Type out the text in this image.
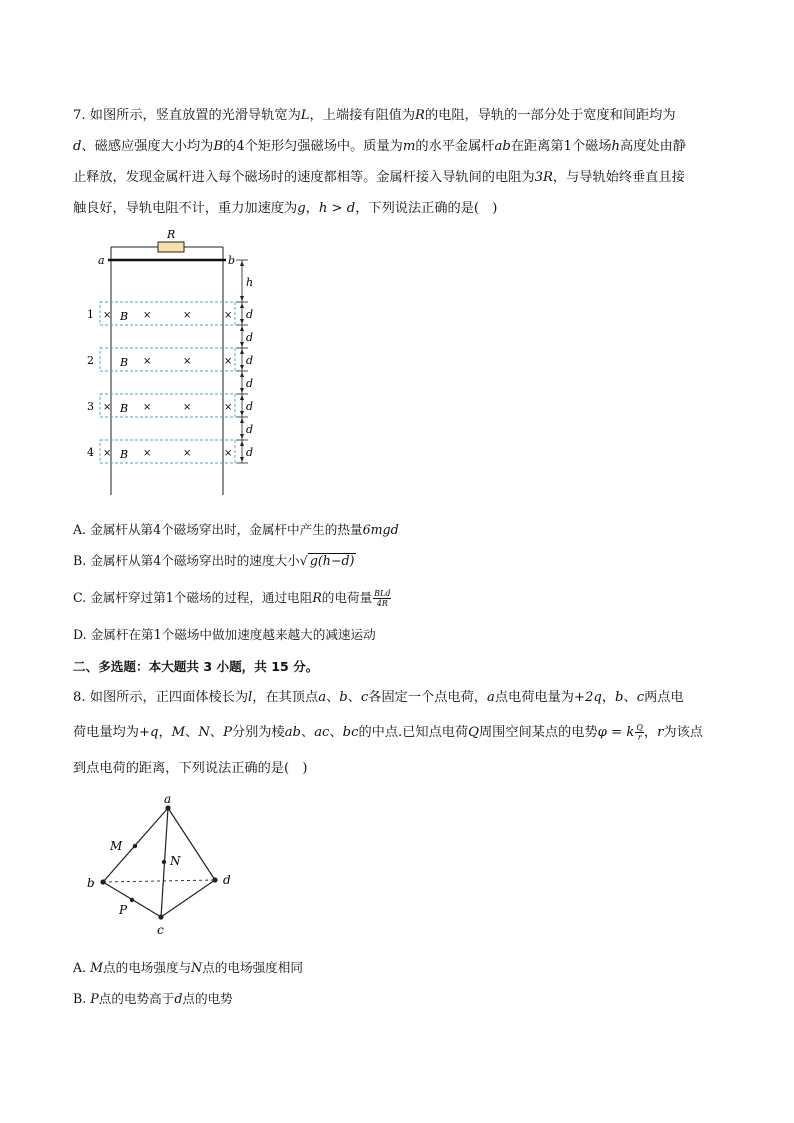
7. 如图所示，竖直放置的光滑导轨宽为L，上端接有阻值为R的电阻，导轨的一部分处于宽度和间距均为
d、磁感应强度大小均为B的4个矩形匀强磁场中。质量为m的水平金属杆ab在距离第1个磁场h高度处由静
止释放，发现金属杆进入每个磁场时的速度都相等。金属杆接入导轨间的电阻为3R，与导轨始终垂直且接
触良好，导轨电阻不计，重力加速度为g，h > d，下列说法正确的是(　)
R
a	b
1 × B ×	×	×
2 B ×	×	×
3 × B ×	×	×
4 × B ×	×	×
h
d
d
d
d
d
d
d
A. 金属杆从第4个磁场穿出时，金属杆中产生的热量6mgd
B. 金属杆从第4个磁场穿出时的速度大小√ g(h−d)
C. 金属杆穿过第1个磁场的过程，通过电阻R的电荷量 $\frac{\text{BLd}}{4R}$
D. 金属杆在第1个磁场中做加速度越来越大的减速运动
二、多选题：本大题共 3 小题，共 15 分。
8. 如图所示，正四面体棱长为l，在其顶点a、b、c各固定一个点电荷，a点电荷电量为+2q，b、c两点电
荷电量均为+q，M、N、P分别为棱ab、ac、bc的中点.已知点电荷Q周围空间某点的电势φ = k $\frac{Q}{r}$ ，r为该点
到点电荷的距离，下列说法正确的是(　)
a
b
c
d
M
N
P
A. M点的电场强度与N点的电场强度相同
B. P点的电势高于d点的电势
